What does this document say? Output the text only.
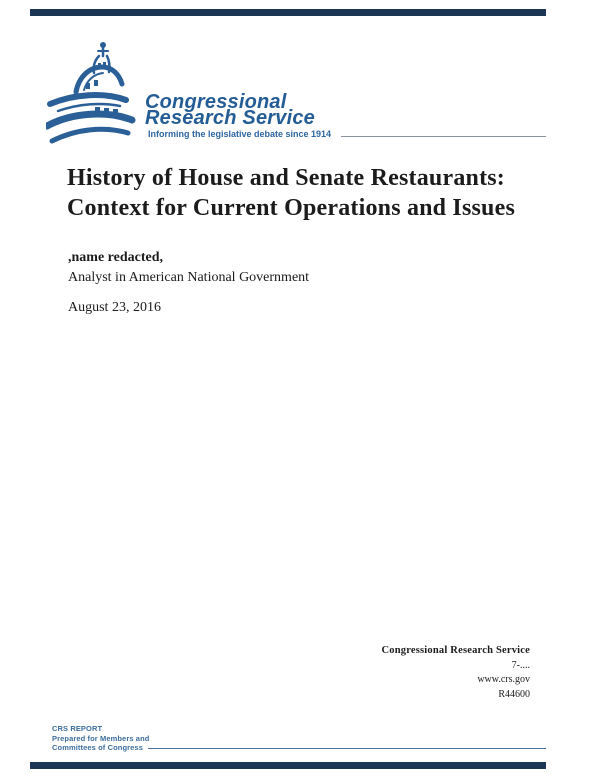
Congressional
Research Service
Informing the legislative debate since 1914
History of House and Senate Restaurants:
Context for Current Operations and Issues
,name redacted,
Analyst in American National Government
August 23, 2016
Congressional Research Service
7-....
www.crs.gov
R44600
CRS REPORT
Prepared for Members and
Committees of Congress
